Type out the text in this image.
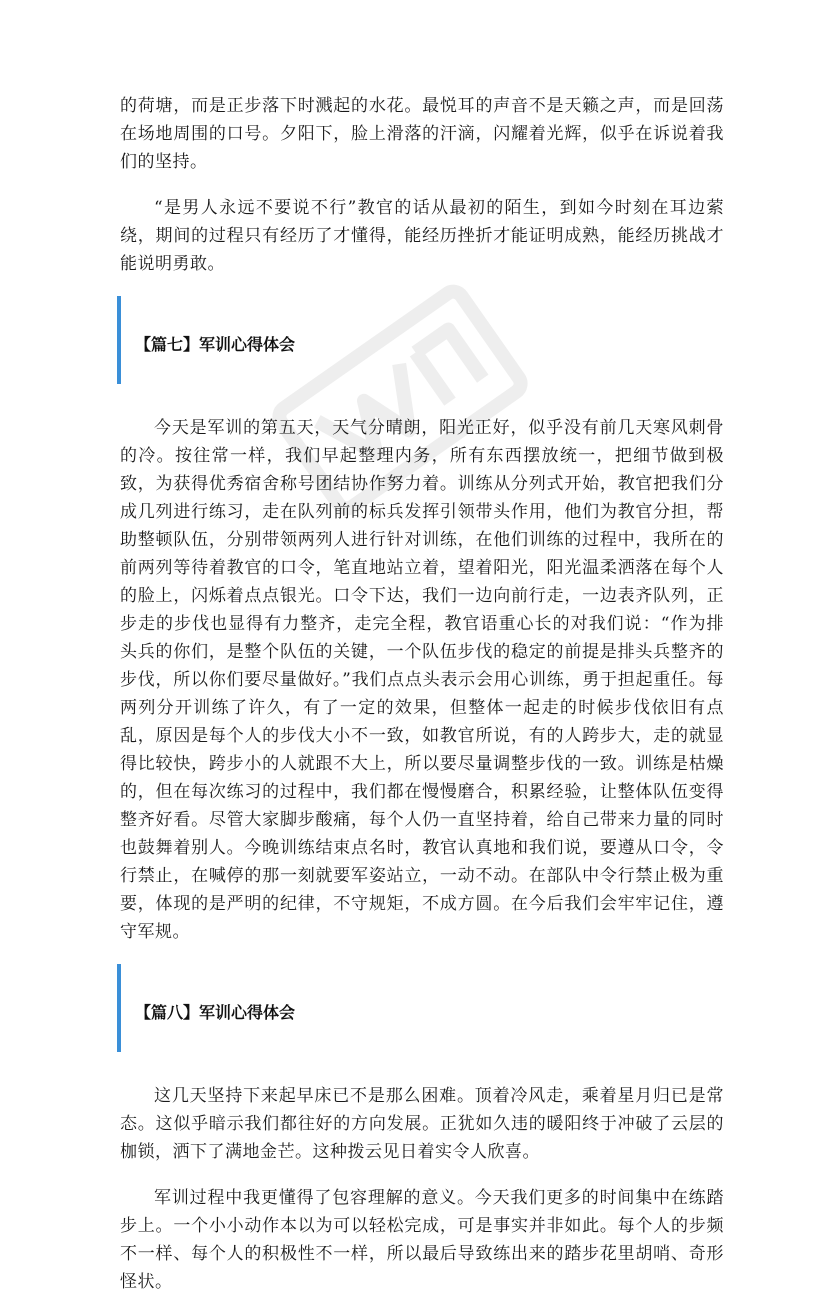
的荷塘，而是正步落下时溅起的水花。最悦耳的声音不是天籁之声，而是回荡在场地周围的口号。夕阳下，脸上滑落的汗滴，闪耀着光辉，似乎在诉说着我们的坚持。

“是男人永远不要说不行”教官的话从最初的陌生，到如今时刻在耳边萦绕，期间的过程只有经历了才懂得，能经历挫折才能证明成熟，能经历挑战才能说明勇敢。

【篇七】军训心得体会

今天是军训的第五天，天气分晴朗，阳光正好，似乎没有前几天寒风刺骨的冷。按往常一样，我们早起整理内务，所有东西摆放统一，把细节做到极致，为获得优秀宿舍称号团结协作努力着。训练从分列式开始，教官把我们分成几列进行练习，走在队列前的标兵发挥引领带头作用，他们为教官分担，帮助整顿队伍，分别带领两列人进行针对训练，在他们训练的过程中，我所在的前两列等待着教官的口令，笔直地站立着，望着阳光，阳光温柔洒落在每个人的脸上，闪烁着点点银光。口令下达，我们一边向前行走，一边表齐队列，正步走的步伐也显得有力整齐，走完全程，教官语重心长的对我们说：“作为排头兵的你们，是整个队伍的关键，一个队伍步伐的稳定的前提是排头兵整齐的步伐，所以你们要尽量做好。”我们点点头表示会用心训练，勇于担起重任。每两列分开训练了许久，有了一定的效果，但整体一起走的时候步伐依旧有点乱，原因是每个人的步伐大小不一致，如教官所说，有的人跨步大，走的就显得比较快，跨步小的人就跟不大上，所以要尽量调整步伐的一致。训练是枯燥的，但在每次练习的过程中，我们都在慢慢磨合，积累经验，让整体队伍变得整齐好看。尽管大家脚步酸痛，每个人仍一直坚持着，给自己带来力量的同时也鼓舞着别人。今晚训练结束点名时，教官认真地和我们说，要遵从口令，令行禁止，在喊停的那一刻就要军姿站立，一动不动。在部队中令行禁止极为重要，体现的是严明的纪律，不守规矩，不成方圆。在今后我们会牢牢记住，遵守军规。

【篇八】军训心得体会

这几天坚持下来起早床已不是那么困难。顶着冷风走，乘着星月归已是常态。这似乎暗示我们都往好的方向发展。正犹如久违的暖阳终于冲破了云层的枷锁，洒下了满地金芒。这种拨云见日着实令人欣喜。

军训过程中我更懂得了包容理解的意义。今天我们更多的时间集中在练踏步上。一个小小动作本以为可以轻松完成，可是事实并非如此。每个人的步频不一样、每个人的积极性不一样，所以最后导致练出来的踏步花里胡哨、奇形怪状。
